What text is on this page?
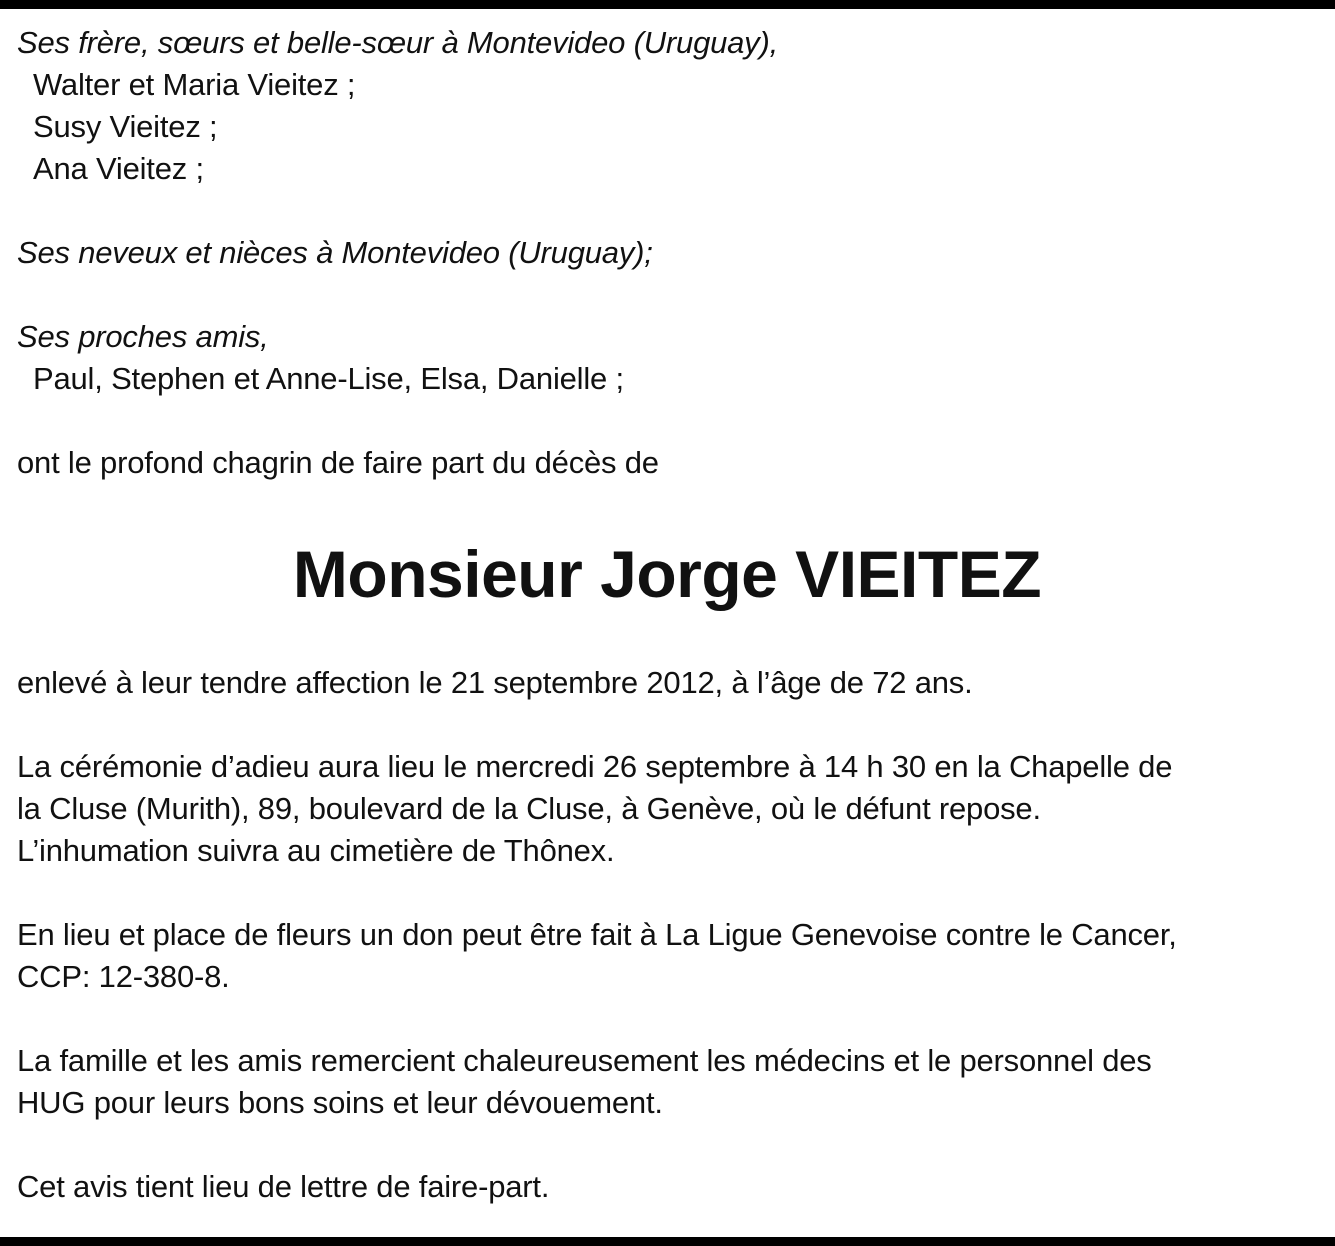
Ses frère, sœurs et belle-sœur à Montevideo (Uruguay),
Walter et Maria Vieitez ;
Susy Vieitez ;
Ana Vieitez ;
Ses neveux et nièces à Montevideo (Uruguay);
Ses proches amis,
Paul, Stephen et Anne-Lise, Elsa, Danielle ;
ont le profond chagrin de faire part du décès de
Monsieur Jorge VIEITEZ
enlevé à leur tendre affection le 21 septembre 2012, à l’âge de 72 ans.
La cérémonie d’adieu aura lieu le mercredi 26 septembre à 14 h 30 en la Chapelle de
la Cluse (Murith), 89, boulevard de la Cluse, à Genève, où le défunt repose.
L’inhumation suivra au cimetière de Thônex.
En lieu et place de fleurs un don peut être fait à La Ligue Genevoise contre le Cancer,
CCP: 12-380-8.
La famille et les amis remercient chaleureusement les médecins et le personnel des
HUG pour leurs bons soins et leur dévouement.
Cet avis tient lieu de lettre de faire-part.
